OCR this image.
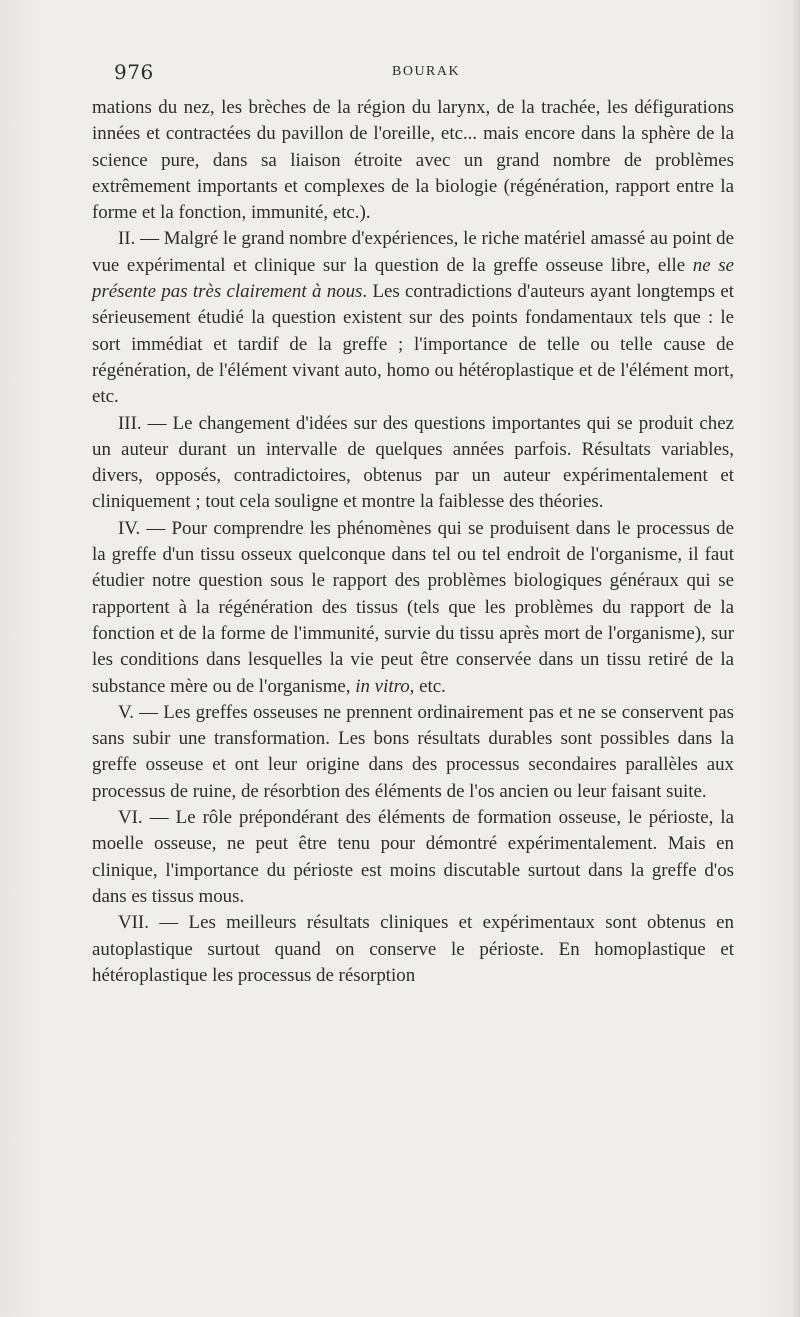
976	BOURAK

mations du nez, les brèches de la région du larynx, de la trachée, les défigurations innées et contractées du pavillon de l'oreille, etc... mais encore dans la sphère de la science pure, dans sa liaison étroite avec un grand nombre de problèmes extrêmement importants et complexes de la biologie (régénération, rapport entre la forme et la fonction, immunité, etc.).

II. — Malgré le grand nombre d'expériences, le riche matériel amassé au point de vue expérimental et clinique sur la question de la greffe osseuse libre, elle ne se présente pas très clairement à nous. Les contradictions d'auteurs ayant longtemps et sérieusement étudié la question existent sur des points fondamentaux tels que : le sort immédiat et tardif de la greffe ; l'importance de telle ou telle cause de régénération, de l'élément vivant auto, homo ou hétéroplastique et de l'élément mort, etc.

III. — Le changement d'idées sur des questions importantes qui se produit chez un auteur durant un intervalle de quelques années parfois. Résultats variables, divers, opposés, contradictoires, obtenus par un auteur expérimentalement et cliniquement ; tout cela souligne et montre la faiblesse des théories.

IV. — Pour comprendre les phénomènes qui se produisent dans le processus de la greffe d'un tissu osseux quelconque dans tel ou tel endroit de l'organisme, il faut étudier notre question sous le rapport des problèmes biologiques généraux qui se rapportent à la régénération des tissus (tels que les problèmes du rapport de la fonction et de la forme de l'immunité, survie du tissu après mort de l'organisme), sur les conditions dans lesquelles la vie peut être conservée dans un tissu retiré de la substance mère ou de l'organisme, in vitro, etc.

V. — Les greffes osseuses ne prennent ordinairement pas et ne se conservent pas sans subir une transformation. Les bons résultats durables sont possibles dans la greffe osseuse et ont leur origine dans des processus secondaires parallèles aux processus de ruine, de résorbtion des éléments de l'os ancien ou leur faisant suite.

VI. — Le rôle prépondérant des éléments de formation osseuse, le périoste, la moelle osseuse, ne peut être tenu pour démontré expérimentalement. Mais en clinique, l'importance du périoste est moins discutable surtout dans la greffe d'os dans es tissus mous.

VII. — Les meilleurs résultats cliniques et expérimentaux sont obtenus en autoplastique surtout quand on conserve le périoste. En homoplastique et hétéroplastique les processus de résorption
